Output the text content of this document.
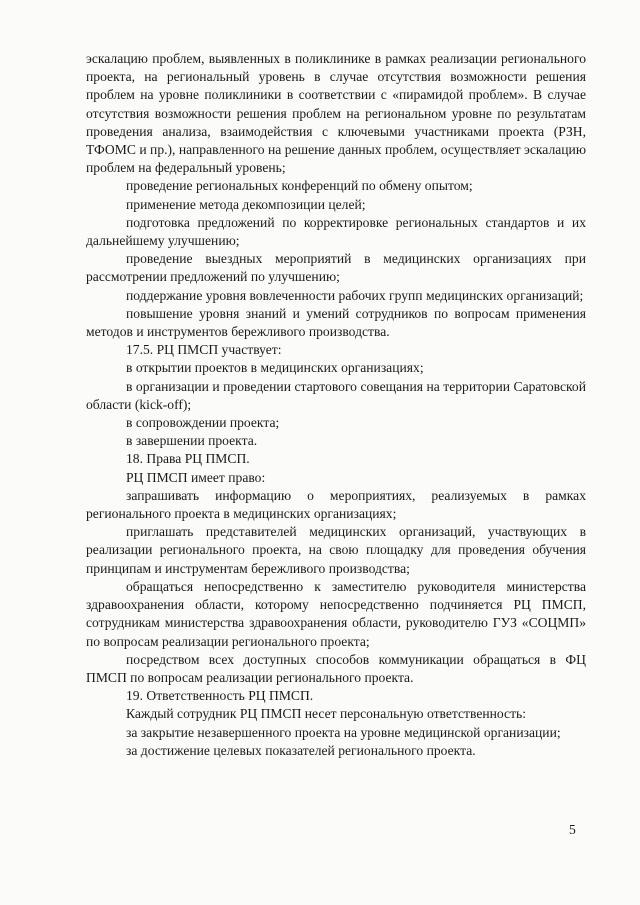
эскалацию проблем, выявленных в поликлинике в рамках реализации регионального проекта, на региональный уровень в случае отсутствия возможности решения проблем на уровне поликлиники в соответствии с «пирамидой проблем». В случае отсутствия возможности решения проблем на региональном уровне по результатам проведения анализа, взаимодействия с ключевыми участниками проекта (РЗН, ТФОМС и пр.), направленного на решение данных проблем, осуществляет эскалацию проблем на федеральный уровень;

проведение региональных конференций по обмену опытом;

применение метода декомпозиции целей;

подготовка предложений по корректировке региональных стандартов и их дальнейшему улучшению;

проведение выездных мероприятий в медицинских организациях при рассмотрении предложений по улучшению;

поддержание уровня вовлеченности рабочих групп медицинских организаций;

повышение уровня знаний и умений сотрудников по вопросам применения методов и инструментов бережливого производства.

17.5. РЦ ПМСП участвует:

в открытии проектов в медицинских организациях;

в организации и проведении стартового совещания на территории Саратовской области (kick-off);

в сопровождении проекта;

в завершении проекта.

18. Права РЦ ПМСП.

РЦ ПМСП имеет право:

запрашивать информацию о мероприятиях, реализуемых в рамках регионального проекта в медицинских организациях;

приглашать представителей медицинских организаций, участвующих в реализации регионального проекта, на свою площадку для проведения обучения принципам и инструментам бережливого производства;

обращаться непосредственно к заместителю руководителя министерства здравоохранения области, которому непосредственно подчиняется РЦ ПМСП, сотрудникам министерства здравоохранения области, руководителю ГУЗ «СОЦМП» по вопросам реализации регионального проекта;

посредством всех доступных способов коммуникации обращаться в ФЦ ПМСП по вопросам реализации регионального проекта.

19. Ответственность РЦ ПМСП.

Каждый сотрудник РЦ ПМСП несет персональную ответственность:

за закрытие незавершенного проекта на уровне медицинской организации;

за достижение целевых показателей регионального проекта.

5
